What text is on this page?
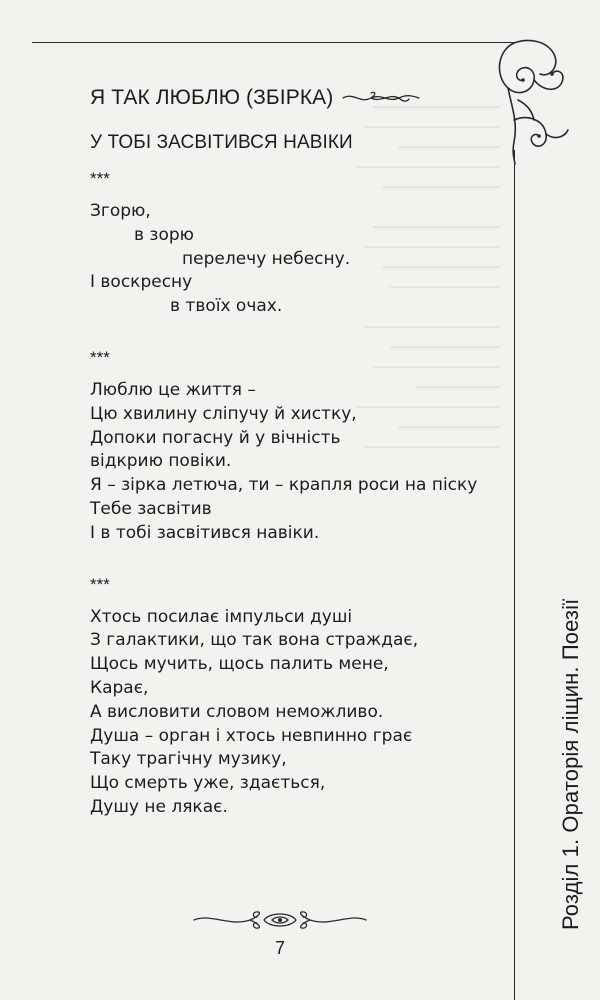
Розділ 1. Ораторія ліщин. Поезії

━━━━━━━━━━━━━━━
━━━━━━━━━━━━━━━━
━━━━━━━━━━━━
━━━━━━━━━━━━━━━━━
━━━━━━━━━━━━━━

━━━━━━━━━━━━━━━
━━━━━━━━━━━━━━━━
━━━━━━━━━━━━━━
━━━━━━━━━━━━━

━━━━━━━━━━━━━━━━
━━━━━━━━━━━━━
━━━━━━━━━━━━━━━
━━━━━━━━━━
━━━━━━━━━━━━━━━━━
━━━━━━━━━━━━
━━━━━━━━━━━━━━━━

Я ТАК ЛЮБЛЮ (ЗБІРКА)
У ТОБІ ЗАСВІТИВСЯ НАВІКИ
***
Згорю,
в зорю
перелечу небесну.
І воскресну
в твоїх очах.
***
Люблю це життя –
Цю хвилину сліпучу й хистку,
Допоки погасну й у вічність
відкрию повіки.
Я – зірка летюча, ти – крапля роси на піску
Тебе засвітив
І в тобі засвітився навіки.
***
Хтось посилає імпульси душі
З галактики, що так вона страждає,
Щось мучить, щось палить мене,
Карає,
А висловити словом неможливо.
Душа – орган і хтось невпинно грає
Таку трагічну музику,
Що смерть уже, здається,
Душу не лякає.
7
